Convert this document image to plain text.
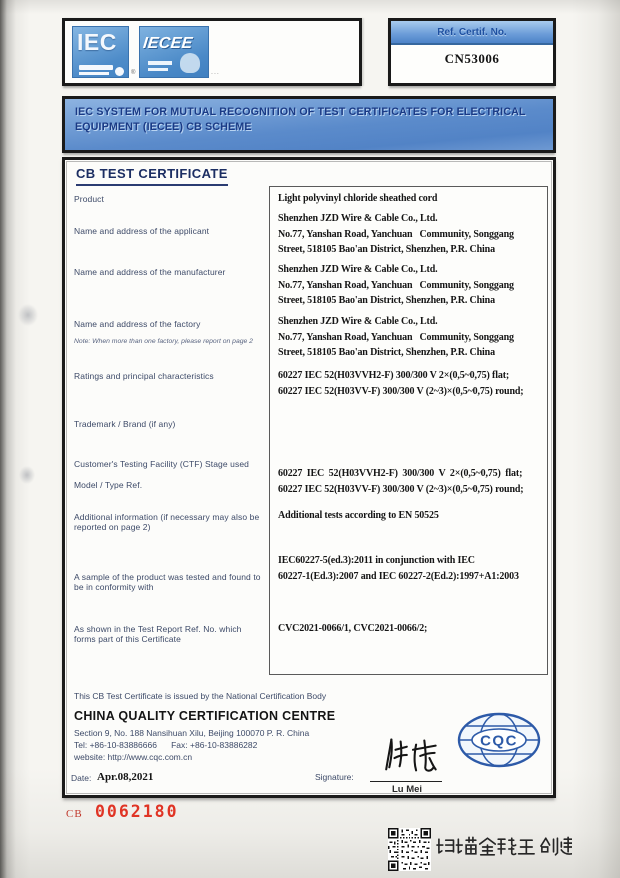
IEC
®
IECEE
...
Ref. Certif. No.
CN53006
IEC SYSTEM FOR MUTUAL RECOGNITION OF TEST CERTIFICATES FOR ELECTRICAL EQUIPMENT (IECEE) CB SCHEME
CB TEST CERTIFICATE
Product
Name and address of the applicant
Name and address of the manufacturer
Name and address of the factory
Note: When more than one factory, please report on page 2
Ratings and principal characteristics
Trademark / Brand (if any)
Customer's Testing Facility (CTF) Stage used
Model / Type Ref.
Additional information (if necessary may also be reported on page 2)
A sample of the product was tested and found to be in conformity with
As shown in the Test Report Ref. No. which forms part of this Certificate
Light polyvinyl chloride sheathed cord
Shenzhen JZD Wire & Cable Co., Ltd.
No.77, Yanshan Road, Yanchuan   Community, Songgang
Street, 518105 Bao'an District, Shenzhen, P.R. China
Shenzhen JZD Wire & Cable Co., Ltd.
No.77, Yanshan Road, Yanchuan   Community, Songgang
Street, 518105 Bao'an District, Shenzhen, P.R. China
Shenzhen JZD Wire & Cable Co., Ltd.
No.77, Yanshan Road, Yanchuan   Community, Songgang
Street, 518105 Bao'an District, Shenzhen, P.R. China
60227 IEC 52(H03VVH2-F) 300/300 V 2×(0,5~0,75) flat;
60227 IEC 52(H03VV-F) 300/300 V (2~3)×(0,5~0,75) round;
60227 IEC 52(H03VVH2-F) 300/300 V 2×(0,5~0,75) flat;
60227 IEC 52(H03VV-F) 300/300 V (2~3)×(0,5~0,75) round;
Additional tests according to EN 50525
IEC60227-5(ed.3):2011 in conjunction with IEC
60227-1(Ed.3):2007 and IEC 60227-2(Ed.2):1997+A1:2003
CVC2021-0066/1, CVC2021-0066/2;
This CB Test Certificate is issued by the National Certification Body
CHINA QUALITY CERTIFICATION CENTRE
Section 9, No. 188 Nansihuan Xilu, Beijing 100070 P. R. China
Tel: +86-10-83886666      Fax: +86-10-83886282
website: http://www.cqc.com.cn
CQC
Signature:
Lu Mei
Date: Apr.08,2021
CB 0062180
